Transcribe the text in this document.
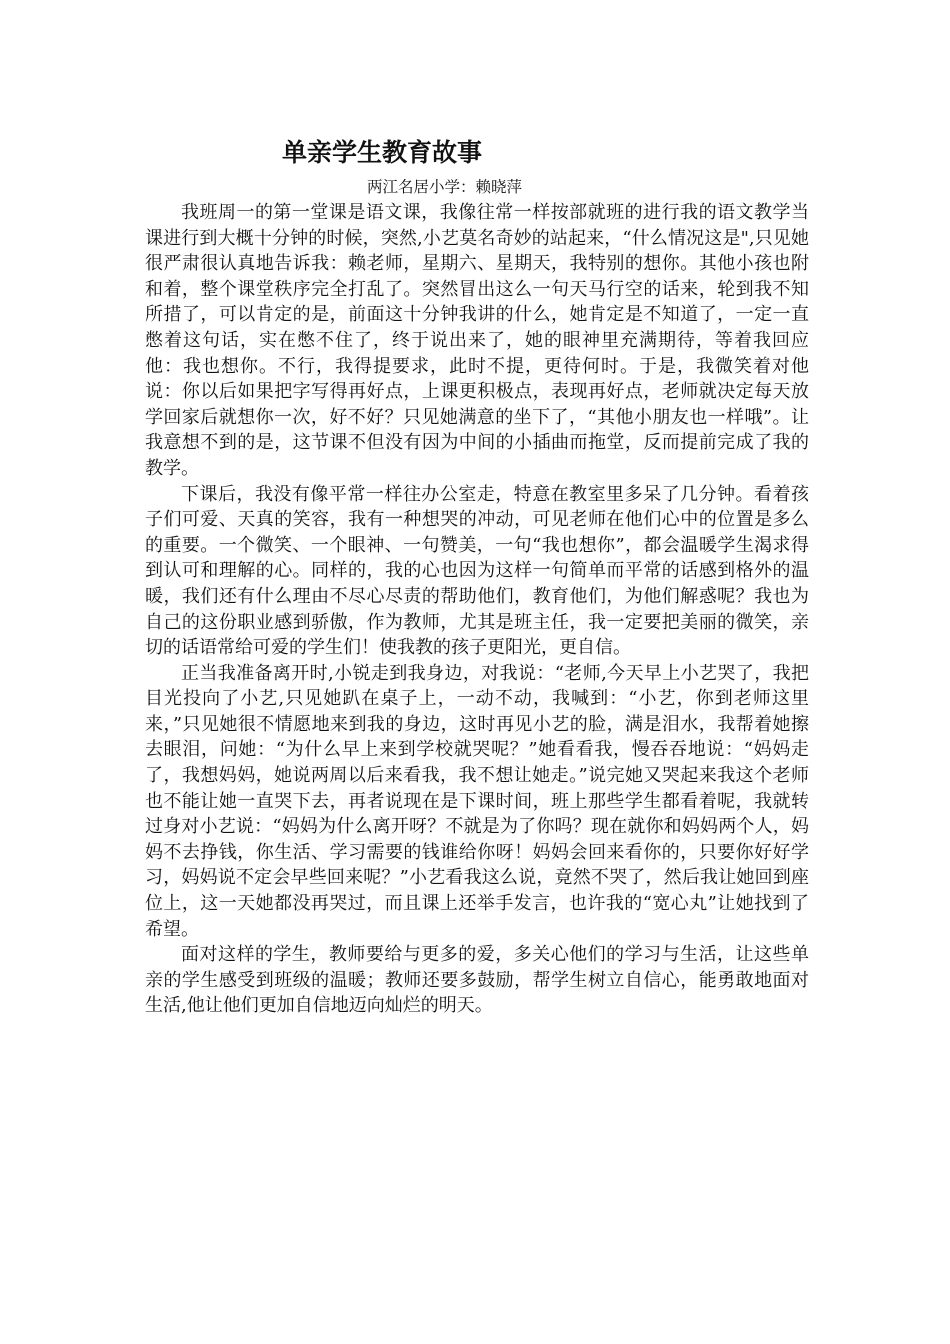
单亲学生教育故事
两江名居小学：赖晓萍

我班周一的第一堂课是语文课，我像往常一样按部就班的进行我的语文教学当课进行到大概十分钟的时候，突然,小艺莫名奇妙的站起来，“什么情况这是",只见她很严肃很认真地告诉我：赖老师，星期六、星期天，我特别的想你。其他小孩也附和着，整个课堂秩序完全打乱了。突然冒出这么一句天马行空的话来，轮到我不知所措了，可以肯定的是，前面这十分钟我讲的什么，她肯定是不知道了，一定一直憋着这句话，实在憋不住了，终于说出来了，她的眼神里充满期待，等着我回应他：我也想你。不行，我得提要求，此时不提，更待何时。于是，我微笑着对他说：你以后如果把字写得再好点，上课更积极点，表现再好点，老师就决定每天放学回家后就想你一次，好不好？只见她满意的坐下了，“其他小朋友也一样哦”。让我意想不到的是，这节课不但没有因为中间的小插曲而拖堂，反而提前完成了我的教学。

下课后，我没有像平常一样往办公室走，特意在教室里多呆了几分钟。看着孩子们可爱、天真的笑容，我有一种想哭的冲动，可见老师在他们心中的位置是多么的重要。一个微笑、一个眼神、一句赞美，一句“我也想你”，都会温暖学生渴求得到认可和理解的心。同样的，我的心也因为这样一句简单而平常的话感到格外的温暖，我们还有什么理由不尽心尽责的帮助他们，教育他们，为他们解惑呢？我也为自己的这份职业感到骄傲，作为教师，尤其是班主任，我一定要把美丽的微笑，亲切的话语常给可爱的学生们！使我教的孩子更阳光，更自信。

正当我准备离开时,小锐走到我身边，对我说：“老师,今天早上小艺哭了，我把目光投向了小艺,只见她趴在桌子上，一动不动，我喊到：“小艺，你到老师这里来，”只见她很不情愿地来到我的身边，这时再见小艺的脸，满是泪水，我帮着她擦去眼泪，问她：“为什么早上来到学校就哭呢？”她看看我，慢吞吞地说：“妈妈走了，我想妈妈，她说两周以后来看我，我不想让她走。”说完她又哭起来我这个老师也不能让她一直哭下去，再者说现在是下课时间，班上那些学生都看着呢，我就转过身对小艺说：“妈妈为什么离开呀？不就是为了你吗？现在就你和妈妈两个人，妈妈不去挣钱，你生活、学习需要的钱谁给你呀！妈妈会回来看你的，只要你好好学习，妈妈说不定会早些回来呢？”小艺看我这么说，竟然不哭了，然后我让她回到座位上，这一天她都没再哭过，而且课上还举手发言，也许我的“宽心丸”让她找到了希望。

面对这样的学生，教师要给与更多的爱，多关心他们的学习与生活，让这些单亲的学生感受到班级的温暖；教师还要多鼓励，帮学生树立自信心，能勇敢地面对生活,他让他们更加自信地迈向灿烂的明天。
